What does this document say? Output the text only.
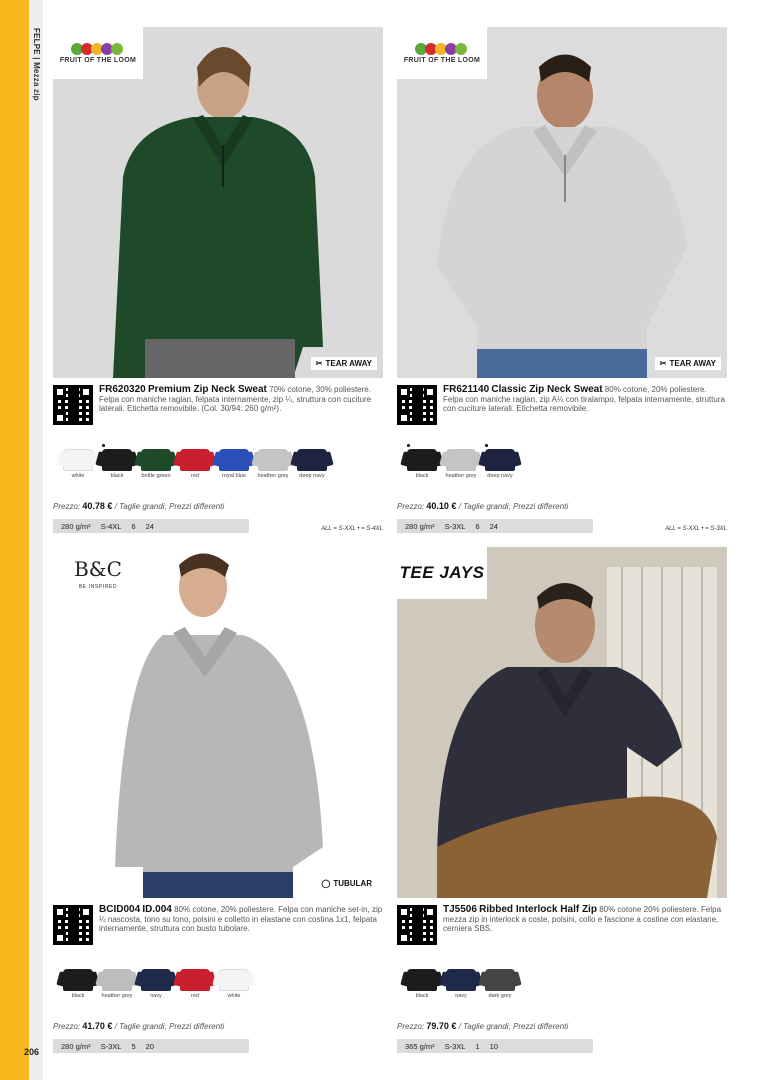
FELPE | Mezza zip
206
FRUIT OF THE LOOM
✂ TEAR AWAY
FR620320 Premium Zip Neck Sweat 70% cotone, 30% poliestere. Felpa con maniche raglan, felpata internamente, zip ¼, struttura con cuciture laterali. Etichetta removibile. (Col. 30/94: 260 g/m²).
white	black	bottle green	red	royal blue heather grey deep navy
Prezzo: 40.78 € / Taglie grandi, Prezzi differenti
280 g/m² S-4XL 6 24	ALL = S-XXL • = S-4XL
FRUIT OF THE LOOM
✂ TEAR AWAY
FR621140 Classic Zip Neck Sweat 80% cotone, 20% poliestere. Felpa con maniche raglan, zip A¼ con tiralampo, felpata internamente, struttura con cuciture laterali. Etichetta removibile.
black	heather grey deep navy
Prezzo: 40.10 € / Taglie grandi, Prezzi differenti
280 g/m² S-3XL 6 24	ALL = S-XXL • = S-3XL
B&C
BE INSPIRED
◯ TUBULAR
BCID004 ID.004 80% cotone, 20% poliestere. Felpa con maniche set-in, zip ¼ nascosta, tono su tono, polsini e colletto in elastane con costina 1x1, felpata internamente, struttura con busto tubolare.
black	heather grey	navy	red	white
Prezzo: 41.70 € / Taglie grandi, Prezzi differenti
280 g/m² S-3XL 5 20
TEE JAYS
TJ5506 Ribbed Interlock Half Zip 80% cotone 20% poliestere. Felpa mezza zip in interlock a coste, polsini, collo e fascione a costine con elastane, cerniera SBS.
black	navy	dark grey
Prezzo: 79.70 € / Taglie grandi, Prezzi differenti
365 g/m² S-3XL 1 10
